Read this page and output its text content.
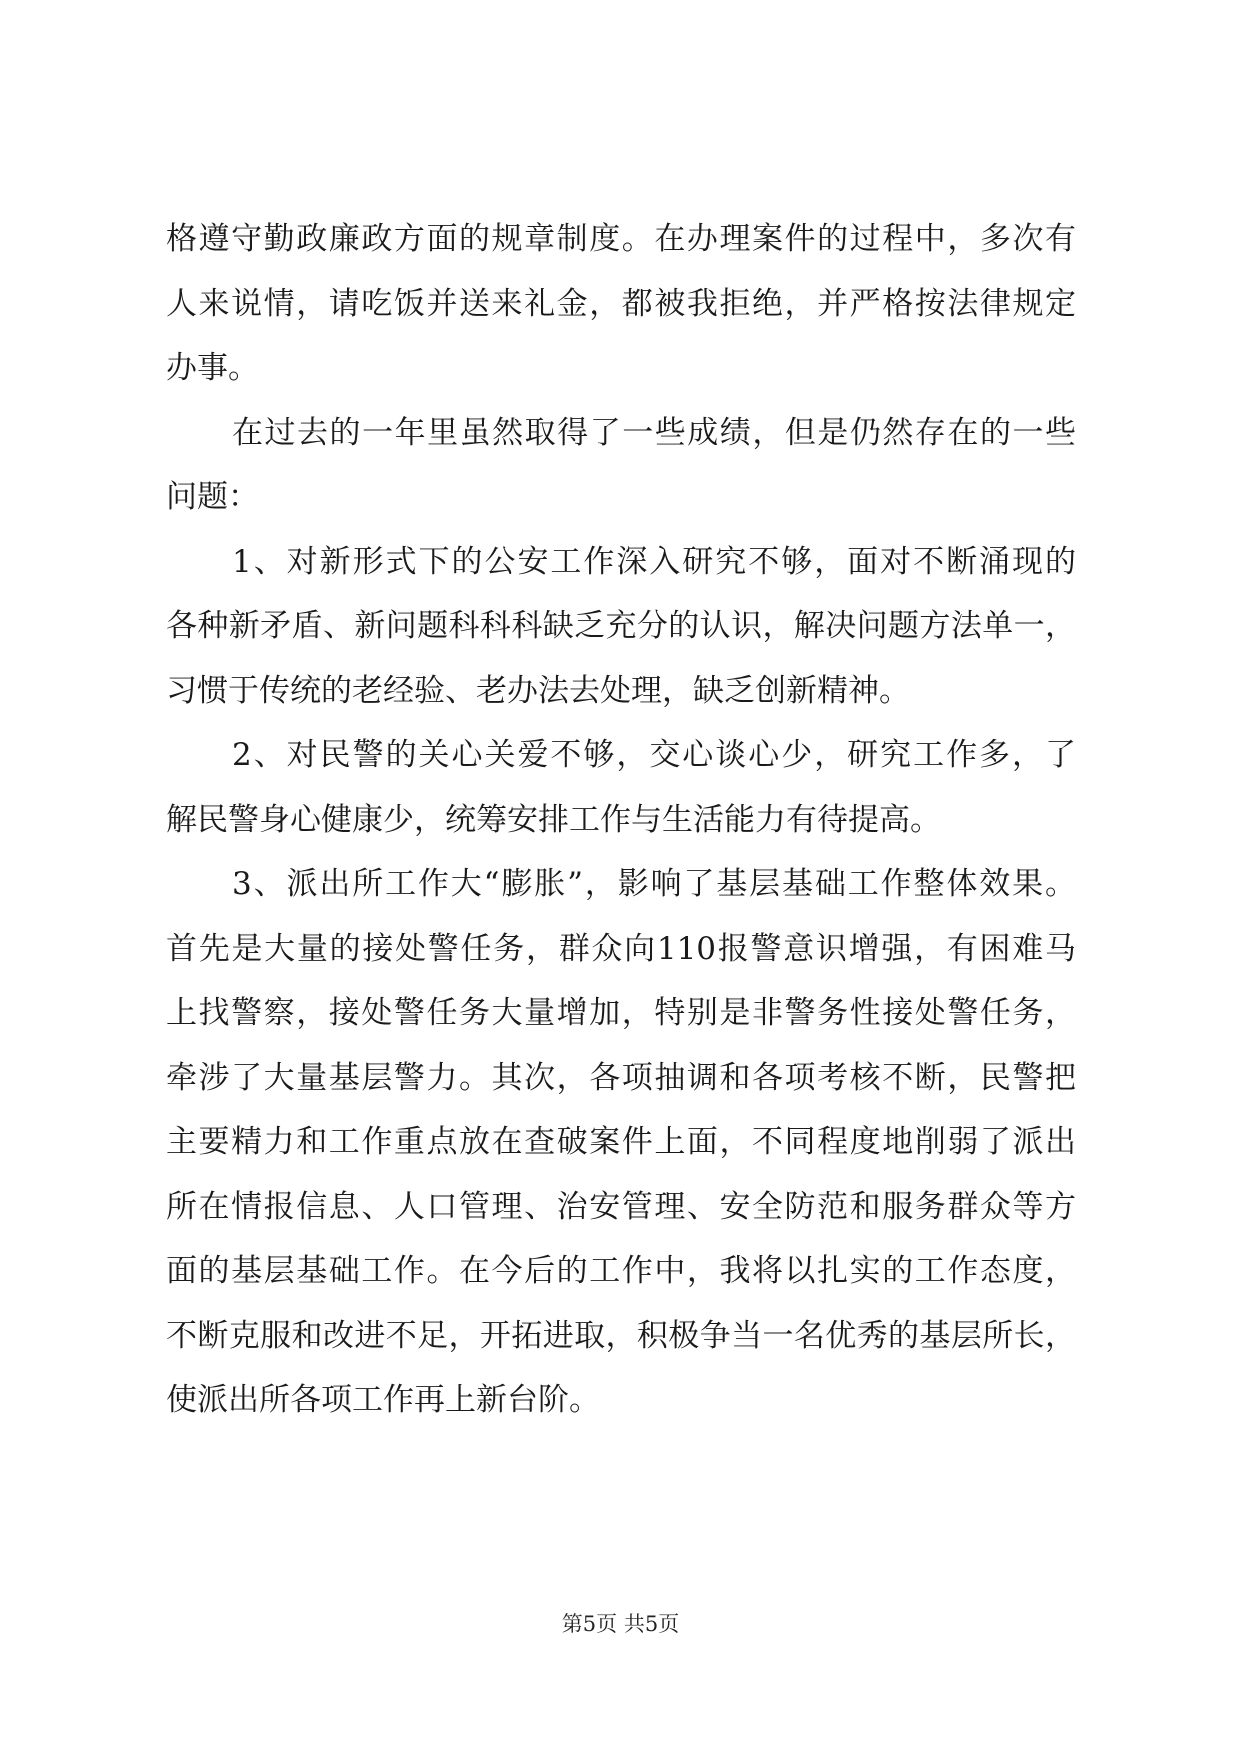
格遵守勤政廉政方面的规章制度。在办理案件的过程中，多次有
人来说情，请吃饭并送来礼金，都被我拒绝，并严格按法律规定
办事。
在过去的一年里虽然取得了一些成绩，但是仍然存在的一些
问题：
1、对新形式下的公安工作深入研究不够，面对不断涌现的
各种新矛盾、新问题科科科缺乏充分的认识，解决问题方法单一，
习惯于传统的老经验、老办法去处理，缺乏创新精神。
2、对民警的关心关爱不够，交心谈心少，研究工作多，了
解民警身心健康少，统筹安排工作与生活能力有待提高。
3、派出所工作大“膨胀”，影响了基层基础工作整体效果。
首先是大量的接处警任务，群众向110报警意识增强，有困难马
上找警察，接处警任务大量增加，特别是非警务性接处警任务，
牵涉了大量基层警力。其次，各项抽调和各项考核不断，民警把
主要精力和工作重点放在查破案件上面，不同程度地削弱了派出
所在情报信息、人口管理、治安管理、安全防范和服务群众等方
面的基层基础工作。在今后的工作中，我将以扎实的工作态度，
不断克服和改进不足，开拓进取，积极争当一名优秀的基层所长，
使派出所各项工作再上新台阶。
第5页 共5页
